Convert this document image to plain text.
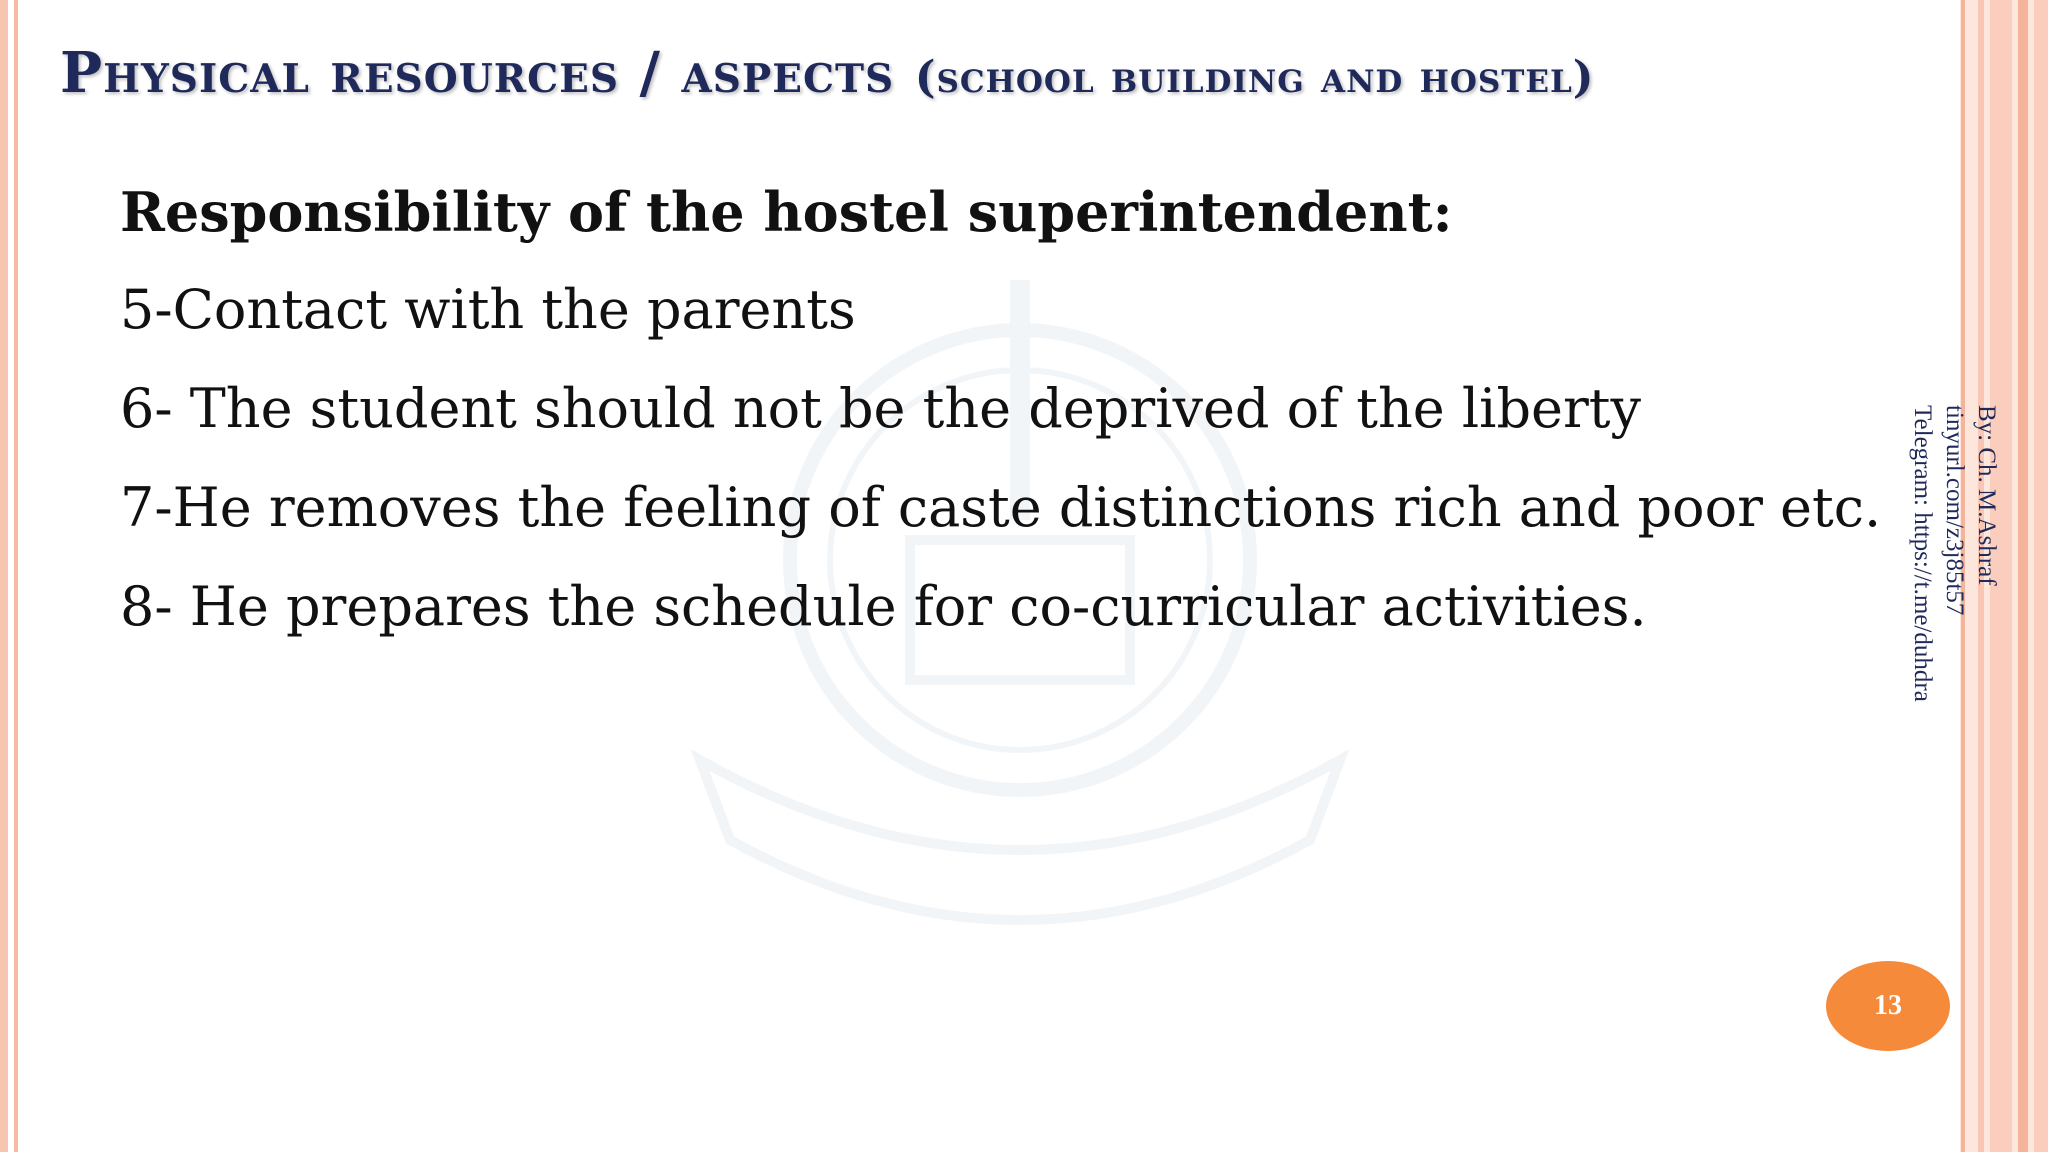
Physical resources / aspects (school building and hostel)
Responsibility of the hostel superintendent:
5-Contact with the parents
6- The student should not be the deprived of the liberty
7-He removes the feeling of caste distinctions rich and poor etc.
8- He prepares the schedule for co-curricular activities.
By: Ch. M.Ashraf
tinyurl.com/z3j85t57
Telegram: https://t.me/duhdra
13
